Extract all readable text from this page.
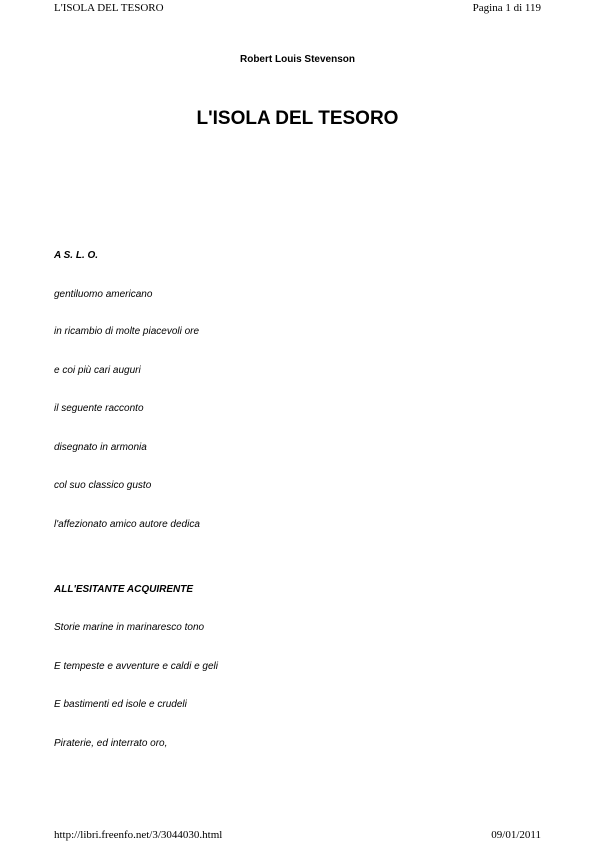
L'ISOLA DEL TESORO	Pagina 1 di 119
Robert Louis Stevenson
L'ISOLA DEL TESORO
A S. L. O.
gentiluomo americano
in ricambio di molte piacevoli ore
e coi più cari auguri
il seguente racconto
disegnato in armonia
col suo classico gusto
l'affezionato amico autore dedica
ALL'ESITANTE ACQUIRENTE
Storie marine in marinaresco tono
E tempeste e avventure e caldi e geli
E bastimenti ed isole e crudeli
Piraterie, ed interrato oro,
http://libri.freenfo.net/3/3044030.html	09/01/2011
